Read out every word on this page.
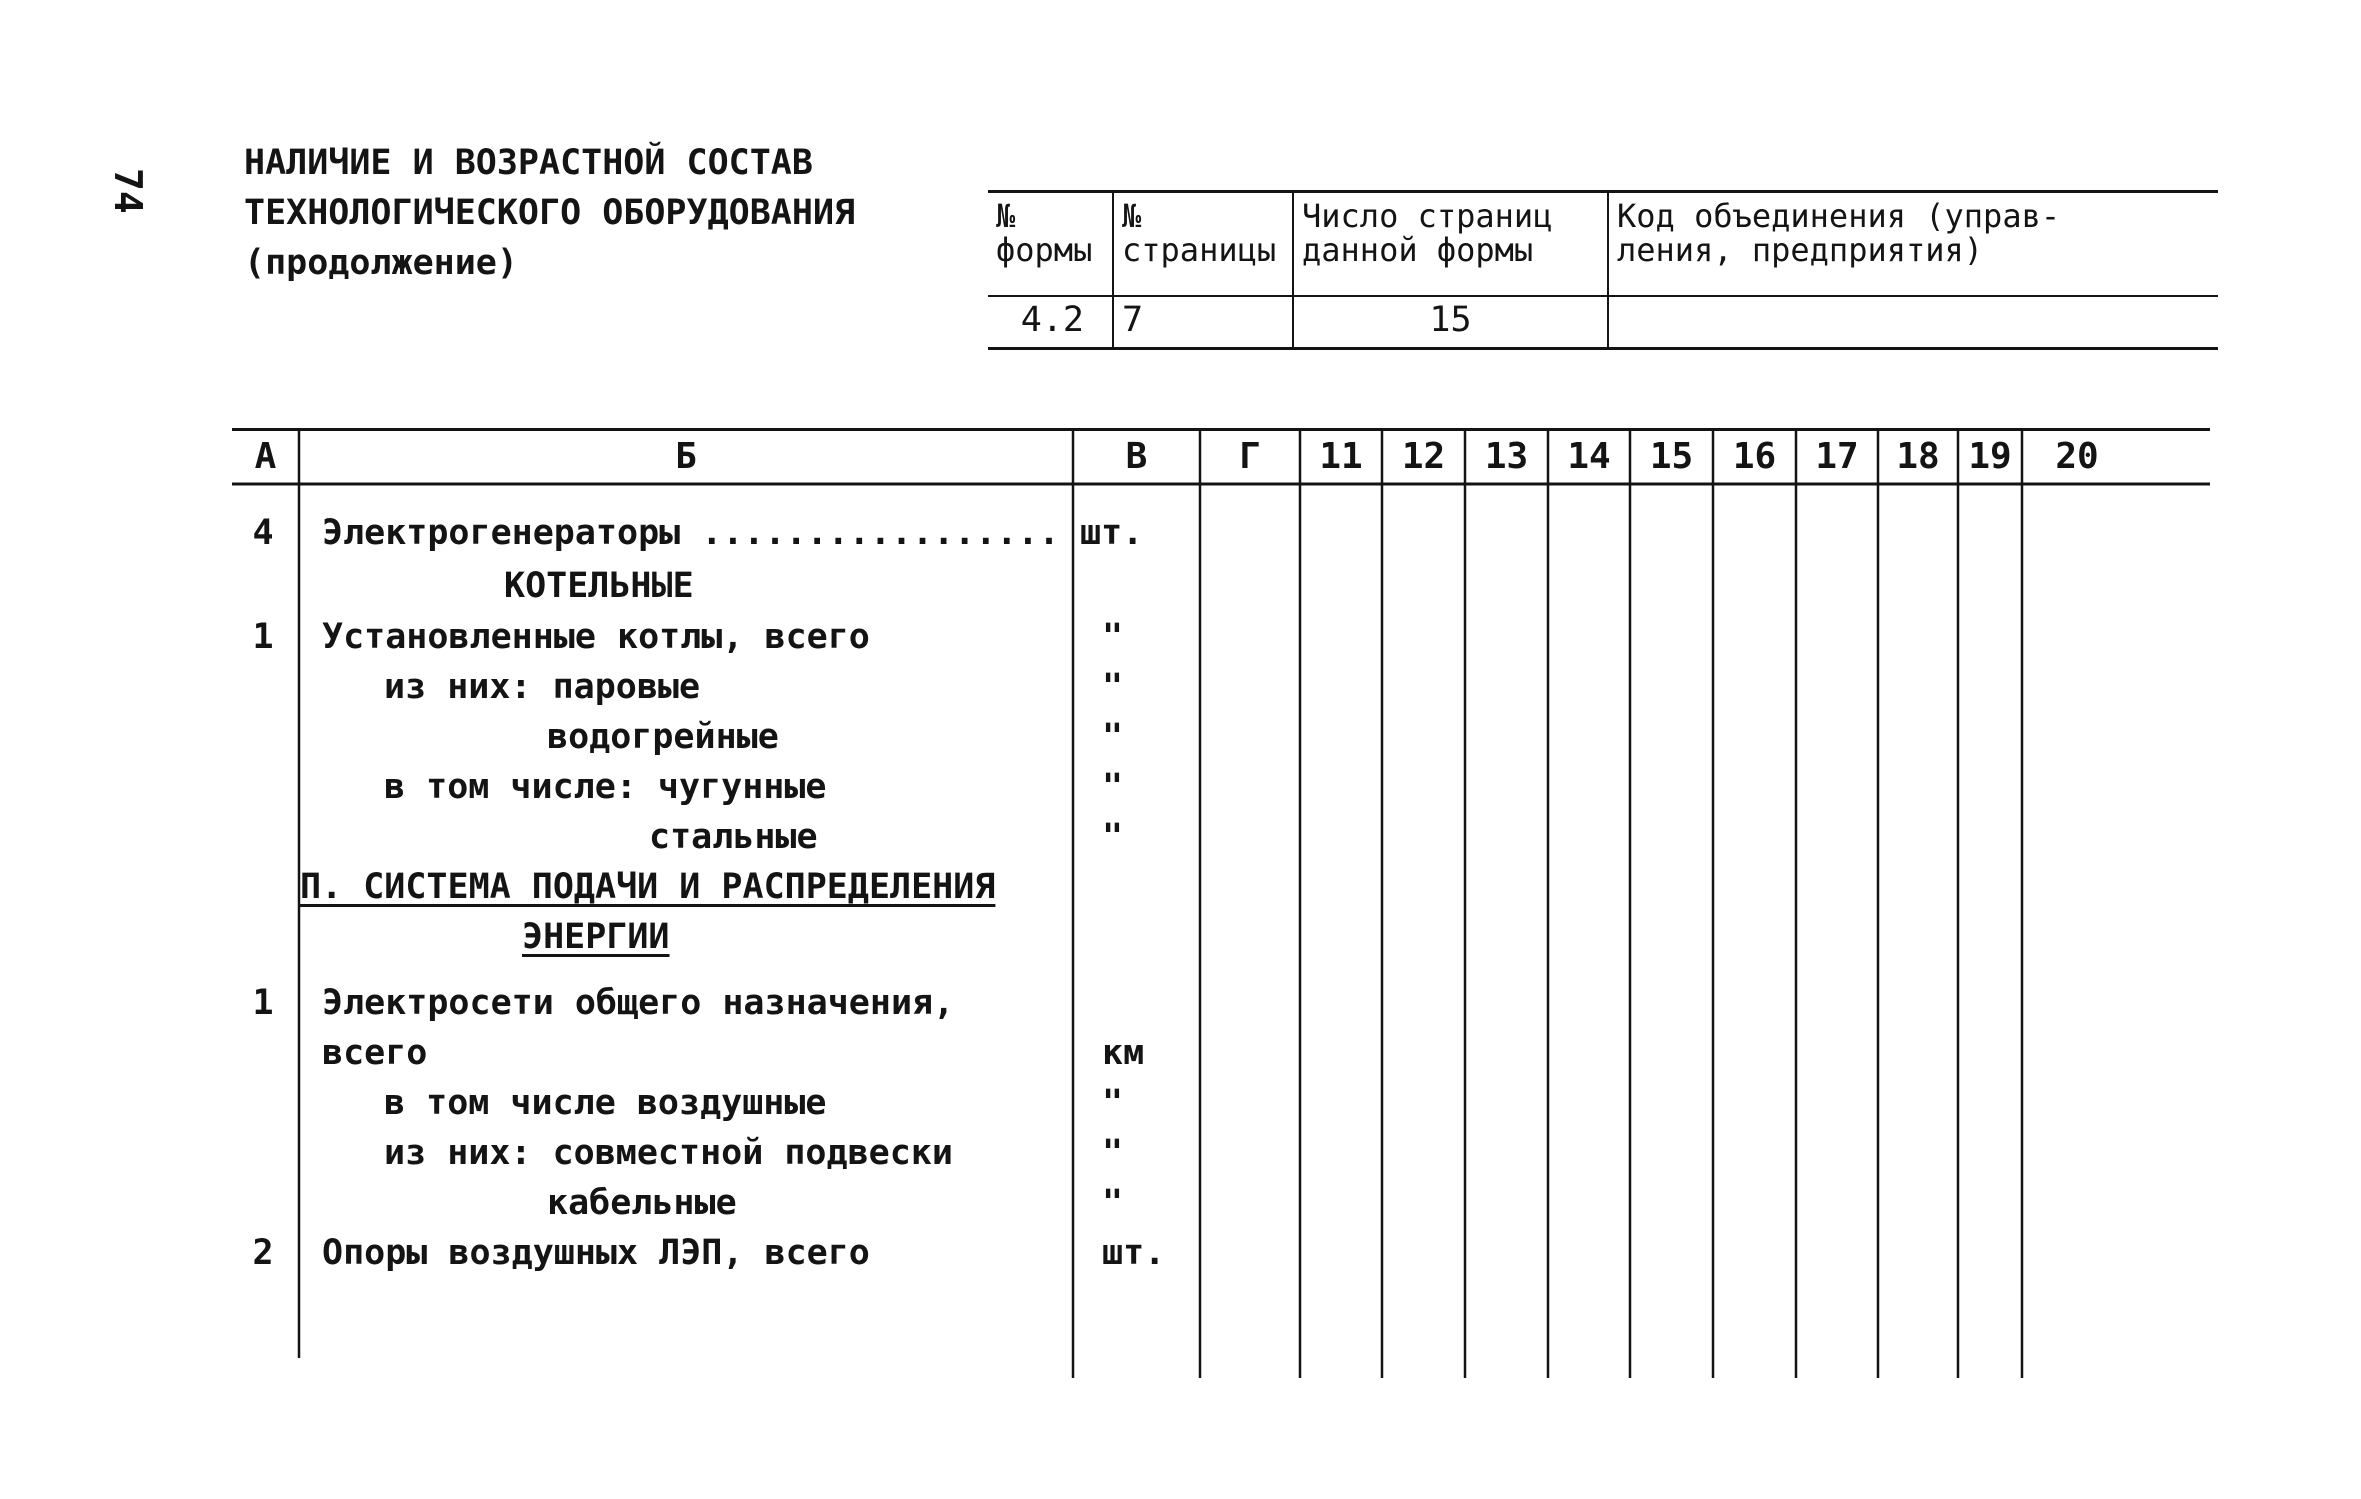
74
НАЛИЧИЕ И ВОЗРАСТНОЙ СОСТАВ
ТЕХНОЛОГИЧЕСКОГО ОБОРУДОВАНИЯ
(продолжение)
№
формы	№
страницы	Число страниц
данной формы	Код объединения (управ-
ления, предприятия)
4.2	7	15	
А	Б	В	Г	11	12	13	14	15	16	17	18 19	20
4	Электрогенераторы ................. шт.
КОТЕЛЬНЫЕ
1	Установленные котлы, всего	"
из них: паровые	"
водогрейные	"
в том числе: чугунные	"
стальные	"
П. СИСТЕМА ПОДАЧИ И РАСПРЕДЕЛЕНИЯ
ЭНЕРГИИ
1	Электросети общего назначения,
всего	км
в том числе воздушные	"
из них: совместной подвески	"
кабельные	"
2	Опоры воздушных ЛЭП, всего	шт.
